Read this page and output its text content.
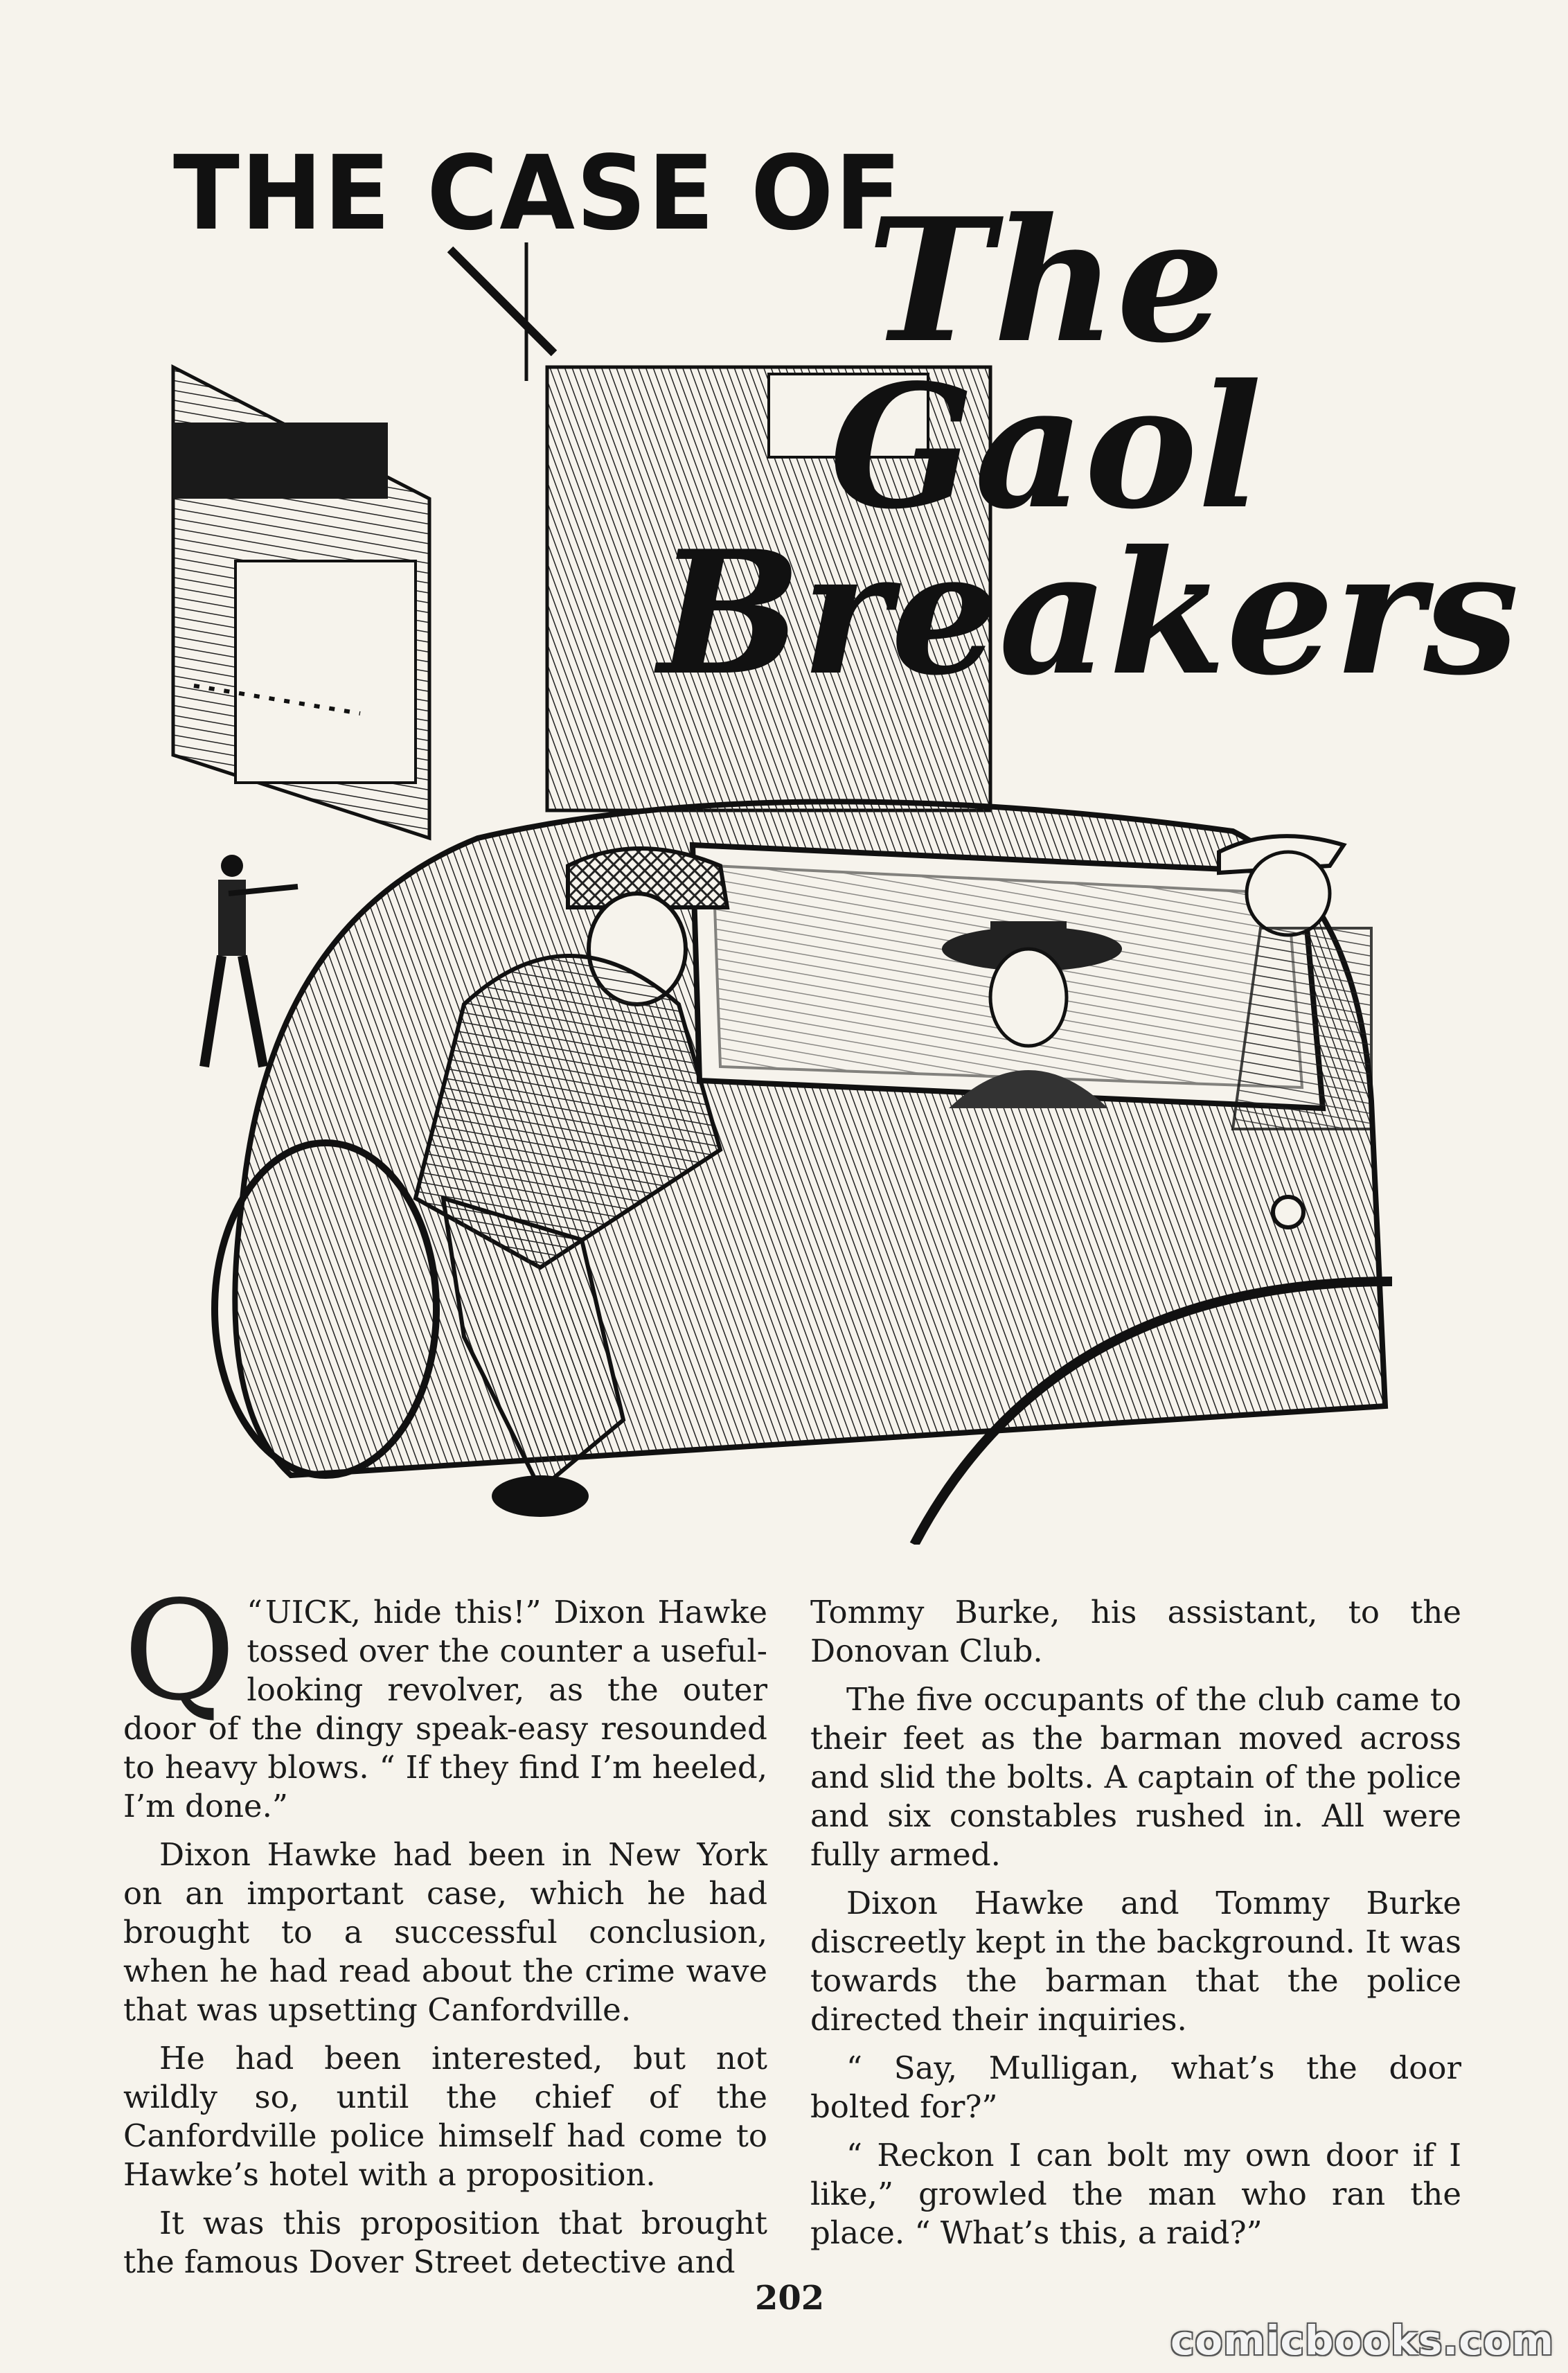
THE CASE OF
The Gaol
Breakers

Q “UICK, hide this!” Dixon Hawke tossed over the counter a useful-looking revolver, as the outer door of the dingy speak-easy resounded to heavy blows. “ If they find I’m heeled, I’m done.”

Dixon Hawke had been in New York on an important case, which he had brought to a successful conclusion, when he had read about the crime wave that was upsetting Canfordville.

He had been interested, but not wildly so, until the chief of the Canfordville police himself had come to Hawke’s hotel with a proposition.

It was this proposition that brought the famous Dover Street detective and

Tommy Burke, his assistant, to the Donovan Club.

The five occupants of the club came to their feet as the barman moved across and slid the bolts. A captain of the police and six constables rushed in. All were fully armed.

Dixon Hawke and Tommy Burke discreetly kept in the background. It was towards the barman that the police directed their inquiries.

“ Say, Mulligan, what’s the door bolted for?”

“ Reckon I can bolt my own door if I like,” growled the man who ran the place. “ What’s this, a raid?”

202
comicbooks.com
